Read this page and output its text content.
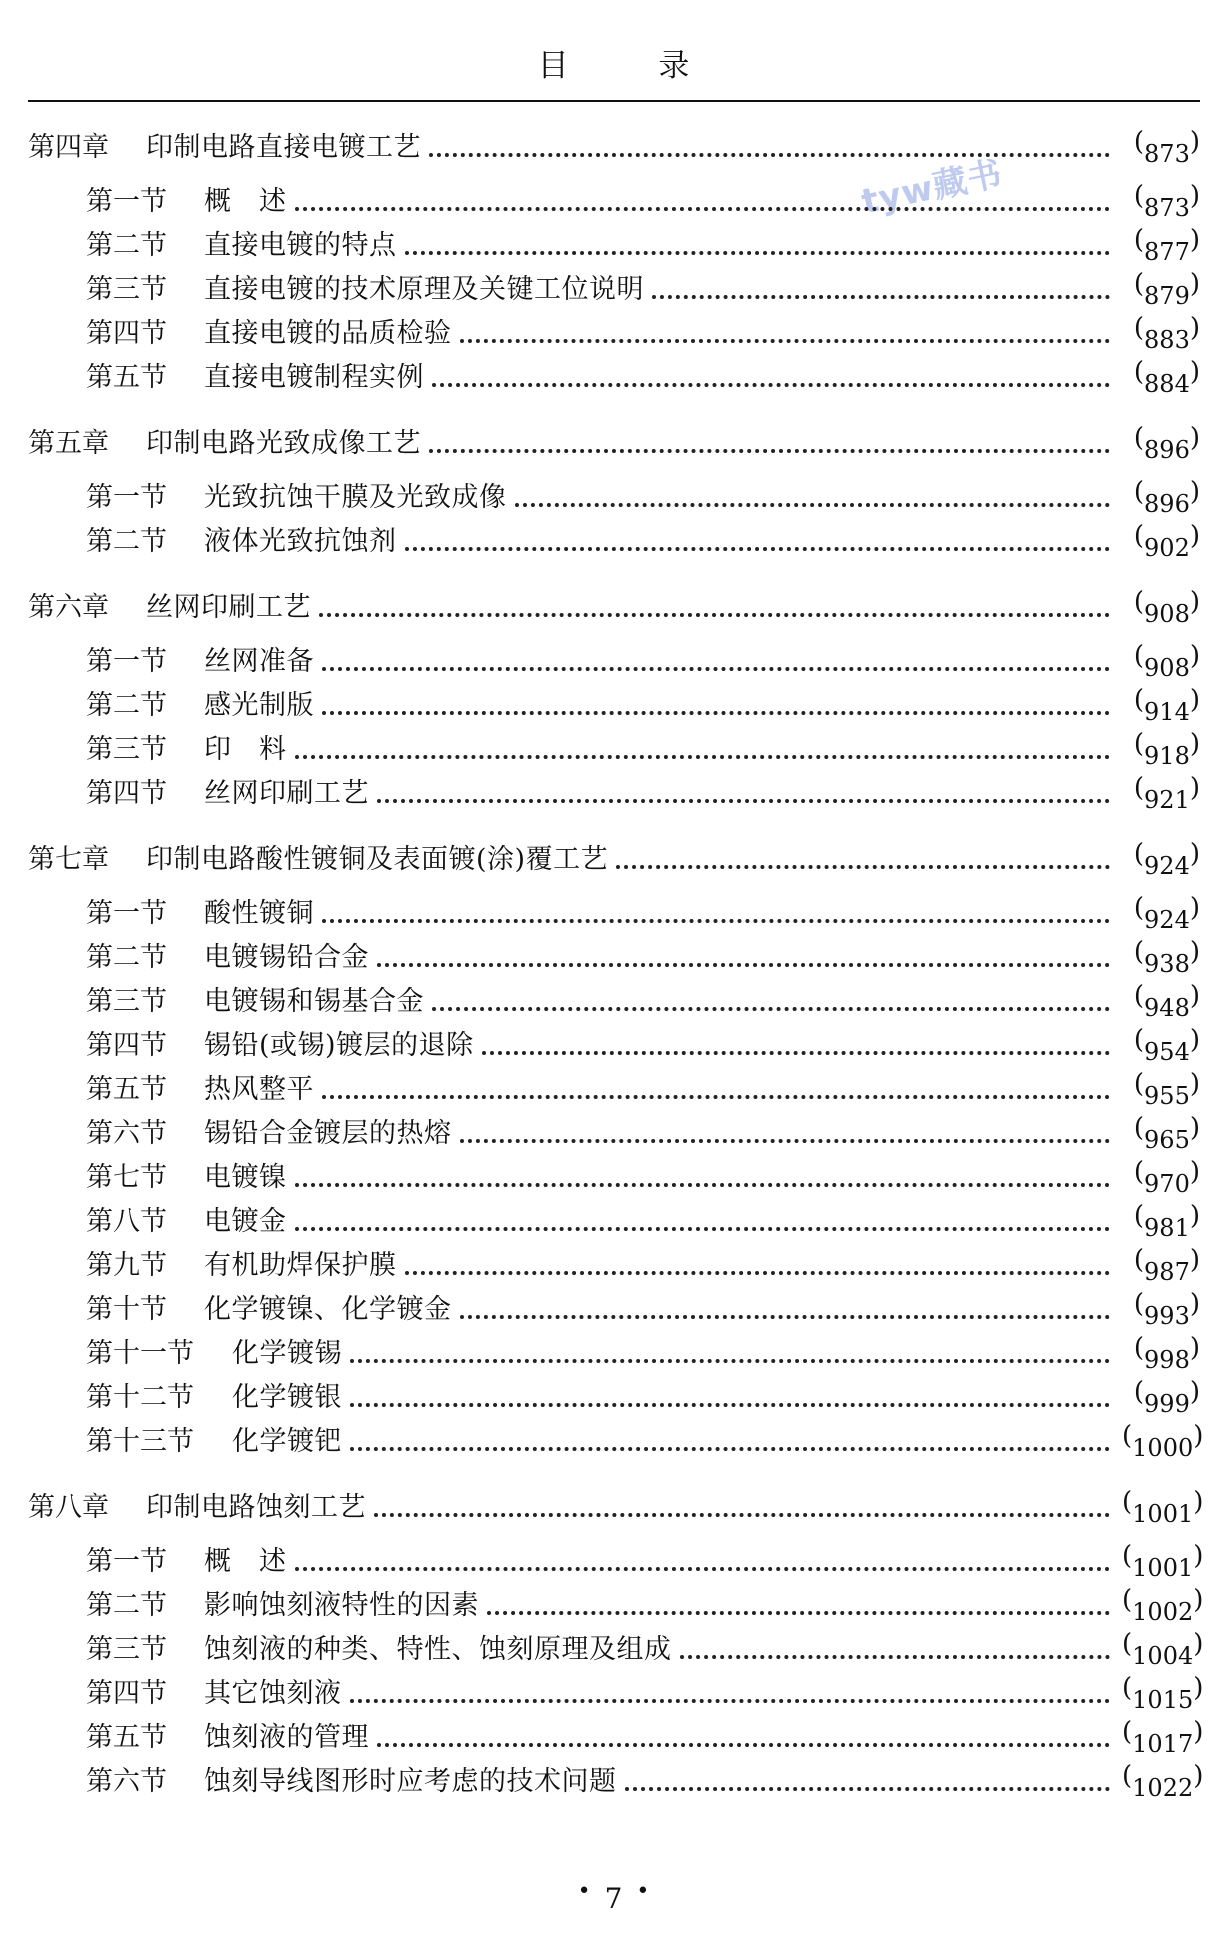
目 录
tyw藏书
第四章	印制电路直接电镀工艺	(873)
第一节	概　述	(873)
第二节	直接电镀的特点	(877)
第三节	直接电镀的技术原理及关键工位说明	(879)
第四节	直接电镀的品质检验	(883)
第五节	直接电镀制程实例	(884)
第五章	印制电路光致成像工艺	(896)
第一节	光致抗蚀干膜及光致成像	(896)
第二节	液体光致抗蚀剂	(902)
第六章	丝网印刷工艺	(908)
第一节	丝网准备	(908)
第二节	感光制版	(914)
第三节	印　料	(918)
第四节	丝网印刷工艺	(921)
第七章	印制电路酸性镀铜及表面镀(涂)覆工艺	(924)
第一节	酸性镀铜	(924)
第二节	电镀锡铅合金	(938)
第三节	电镀锡和锡基合金	(948)
第四节	锡铅(或锡)镀层的退除	(954)
第五节	热风整平	(955)
第六节	锡铅合金镀层的热熔	(965)
第七节	电镀镍	(970)
第八节	电镀金	(981)
第九节	有机助焊保护膜	(987)
第十节	化学镀镍、化学镀金	(993)
第十一节	化学镀锡	(998)
第十二节	化学镀银	(999)
第十三节	化学镀钯	(1000)
第八章	印制电路蚀刻工艺	(1001)
第一节	概　述	(1001)
第二节	影响蚀刻液特性的因素	(1002)
第三节	蚀刻液的种类、特性、蚀刻原理及组成	(1004)
第四节	其它蚀刻液	(1015)
第五节	蚀刻液的管理	(1017)
第六节	蚀刻导线图形时应考虑的技术问题	(1022)
• 7 •
